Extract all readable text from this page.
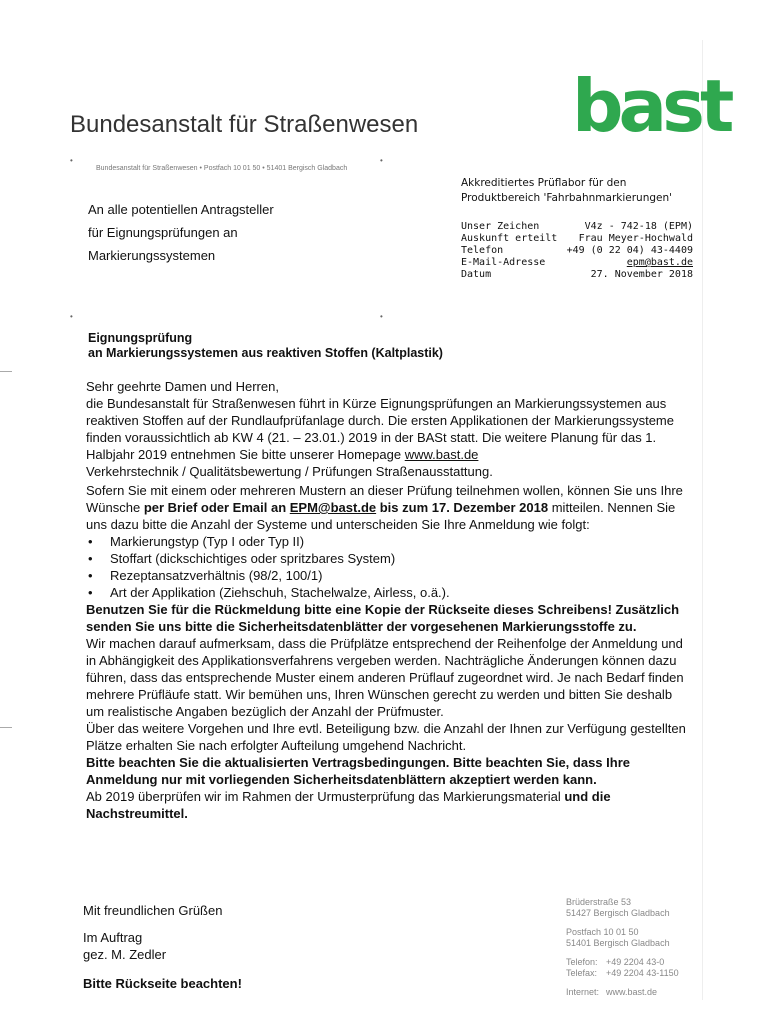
bast
Bundesanstalt für Straßenwesen
•	•
Bundesanstalt für Straßenwesen • Postfach 10 01 50 • 51401 Bergisch Gladbach
•	•
An alle potentiellen Antragsteller
für Eignungsprüfungen an
Markierungssystemen
Akkreditiertes Prüflabor für den
Produktbereich 'Fahrbahnmarkierungen'
Unser Zeichen	V4z - 742-18 (EPM)
Auskunft erteilt Frau Meyer-Hochwald
Telefon	+49 (0 22 04) 43-4409
E-Mail-Adresse	epm@bast.de
Datum	27. November 2018
Eignungsprüfung
an Markierungssystemen aus reaktiven Stoffen (Kaltplastik)

Sehr geehrte Damen und Herren,

die Bundesanstalt für Straßenwesen führt in Kürze Eignungsprüfungen an Markierungssystemen aus reaktiven Stoffen auf der Rundlaufprüfanlage durch. Die ersten Applikationen der Markierungssysteme finden voraussichtlich ab KW 4 (21. – 23.01.) 2019 in der BASt statt. Die weitere Planung für das 1. Halbjahr 2019 entnehmen Sie bitte unserer Homepage www.bast.de
Verkehrstechnik / Qualitätsbewertung / Prüfungen Straßenausstattung.

Sofern Sie mit einem oder mehreren Mustern an dieser Prüfung teilnehmen wollen, können Sie uns Ihre Wünsche per Brief oder Email an EPM@bast.de bis zum 17. Dezember 2018 mitteilen. Nennen Sie uns dazu bitte die Anzahl der Systeme und unterscheiden Sie Ihre Anmeldung wie folgt:

• Markierungstyp (Typ I oder Typ II)
• Stoffart (dickschichtiges oder spritzbares System)
• Rezeptansatzverhältnis (98/2, 100/1)
• Art der Applikation (Ziehschuh, Stachelwalze, Airless, o.ä.).

Benutzen Sie für die Rückmeldung bitte eine Kopie der Rückseite dieses Schreibens! Zusätzlich senden Sie uns bitte die Sicherheitsdatenblätter der vorgesehenen Markierungsstoffe zu.

Wir machen darauf aufmerksam, dass die Prüfplätze entsprechend der Reihenfolge der Anmeldung und in Abhängigkeit des Applikationsverfahrens vergeben werden. Nachträgliche Änderungen können dazu führen, dass das entsprechende Muster einem anderen Prüflauf zugeordnet wird. Je nach Bedarf finden mehrere Prüfläufe statt. Wir bemühen uns, Ihren Wünschen gerecht zu werden und bitten Sie deshalb um realistische Angaben bezüglich der Anzahl der Prüfmuster.

Über das weitere Vorgehen und Ihre evtl. Beteiligung bzw. die Anzahl der Ihnen zur Verfügung gestellten Plätze erhalten Sie nach erfolgter Aufteilung umgehend Nachricht.

Bitte beachten Sie die aktualisierten Vertragsbedingungen. Bitte beachten Sie, dass Ihre Anmeldung nur mit vorliegenden Sicherheitsdatenblättern akzeptiert werden kann.

Ab 2019 überprüfen wir im Rahmen der Urmusterprüfung das Markierungsmaterial und die Nachstreumittel.

Mit freundlichen Grüßen
Im Auftrag
gez. M. Zedler
Bitte Rückseite beachten!
Brüderstraße 53
51427 Bergisch Gladbach
Postfach 10 01 50
51401 Bergisch Gladbach
Telefon: +49 2204 43-0
Telefax: +49 2204 43-1150
Internet: www.bast.de
